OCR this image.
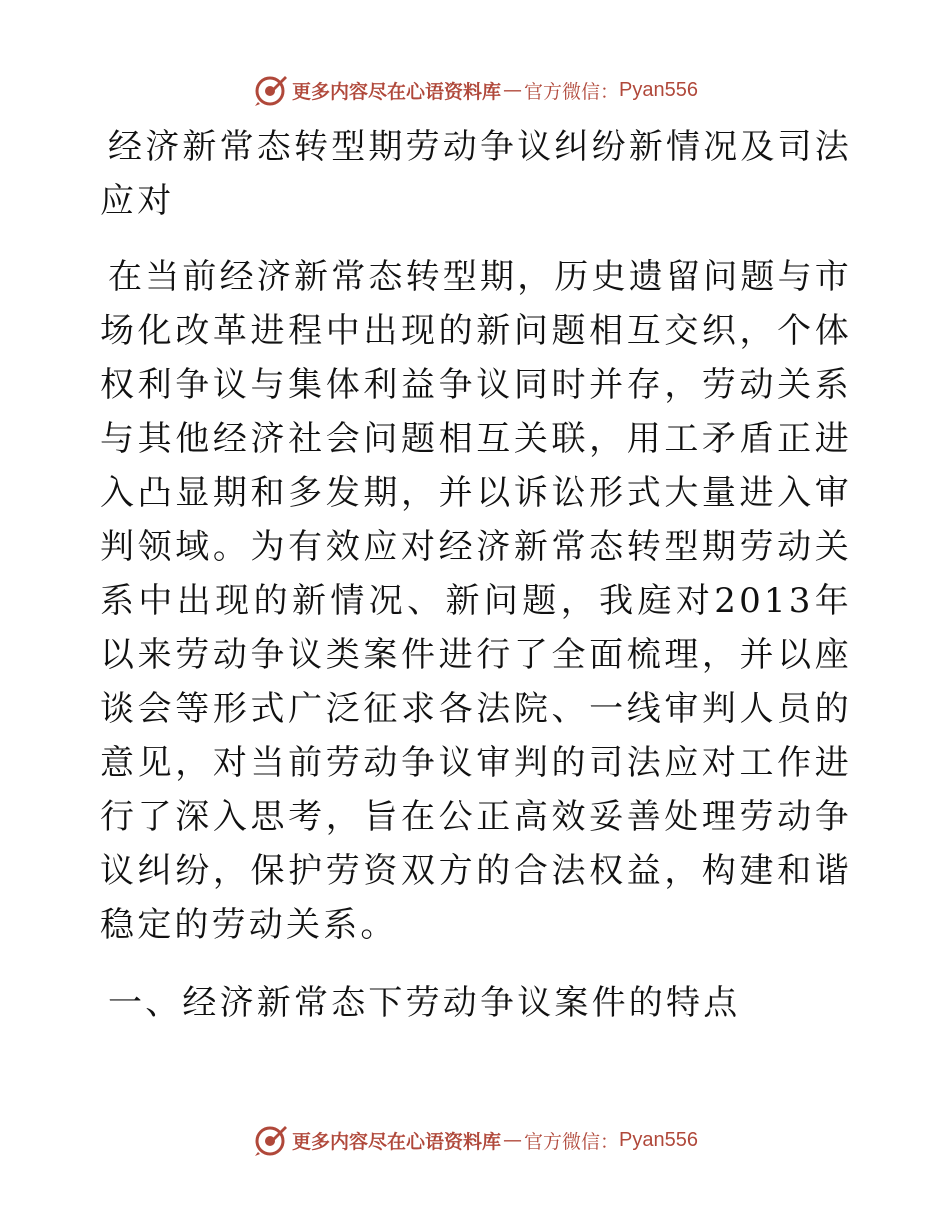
更多内容尽在心语资料库 — 官方微信： Pyan556
经济新常态转型期劳动争议纠纷新情况及司法应对

在当前经济新常态转型期，历史遗留问题与市场化改革进程中出现的新问题相互交织，个体权利争议与集体利益争议同时并存，劳动关系与其他经济社会问题相互关联，用工矛盾正进入凸显期和多发期，并以诉讼形式大量进入审判领域。为有效应对经济新常态转型期劳动关系中出现的新情况、新问题，我庭对2013年以来劳动争议类案件进行了全面梳理，并以座谈会等形式广泛征求各法院、一线审判人员的意见，对当前劳动争议审判的司法应对工作进行了深入思考，旨在公正高效妥善处理劳动争议纠纷，保护劳资双方的合法权益，构建和谐稳定的劳动关系。

一、经济新常态下劳动争议案件的特点
更多内容尽在心语资料库 — 官方微信： Pyan556
